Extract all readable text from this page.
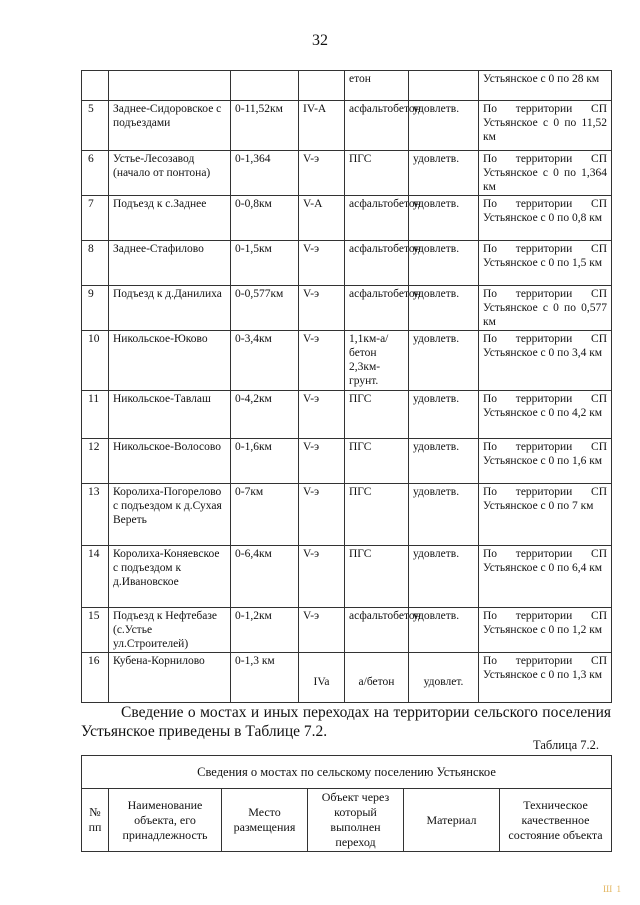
32
				етон		Устьянское с 0 по 28 км
5	Заднее-Сидоровское с подъездами	0-11,52км	IV-А	асфальтобетон	удовлетв.	По территории СП Устьянское с 0 по 11,52 км
6	Устье-Лесозавод (начало от понтона)	0-1,364	V-э	ПГС	удовлетв.	По территории СП Устьянское с 0 по 1,364 км
7	Подъезд к с.Заднее	0-0,8км	V-А	асфальтобетон	удовлетв.	По территории СП Устьянское с 0 по 0,8 км
8	Заднее-Стафилово	0-1,5км	V-э	асфальтобетон	удовлетв.	По территории СП Устьянское с 0 по 1,5 км
9	Подъезд к д.Данилиха	0-0,577км	V-э	асфальтобетон	удовлетв.	По территории СП Устьянское с 0 по 0,577 км
10	Никольское-Юково	0-3,4км	V-э	1,1км-а/бетон 2,3км-грунт.	удовлетв.	По территории СП Устьянское с 0 по 3,4 км
11	Никольское-Тавлаш	0-4,2км	V-э	ПГС	удовлетв.	По территории СП Устьянское с 0 по 4,2 км
12	Никольское-Волосово	0-1,6км	V-э	ПГС	удовлетв.	По территории СП Устьянское с 0 по 1,6 км
13	Королиха-Погорелово с подъездом к д.Сухая Вереть	0-7км	V-э	ПГС	удовлетв.	По территории СП Устьянское с 0 по 7 км
14	Королиха-Коняевское с подъездом к д.Ивановское	0-6,4км	V-э	ПГС	удовлетв.	По территории СП Устьянское с 0 по 6,4 км
15	Подъезд к Нефтебазе (с.Устье ул.Строителей)	0-1,2км	V-э	асфальтобетон	удовлетв.	По территории СП Устьянское с 0 по 1,2 км
16	Кубена-Корнилово	0-1,3 км	IVa	а/бетон	удовлет.	По территории СП Устьянское с 0 по 1,3 км

Сведение о мостах и иных переходах на территории сельского поселения Устьянское приведены в Таблице 7.2.

Таблица 7.2.
Сведения о мостах по сельскому поселению Устьянское
№ пп	Наименование объекта, его принадлежность	Место размещения	Объект через который выполнен переход	Материал	Техническое качественное состояние объекта
Ш 1
